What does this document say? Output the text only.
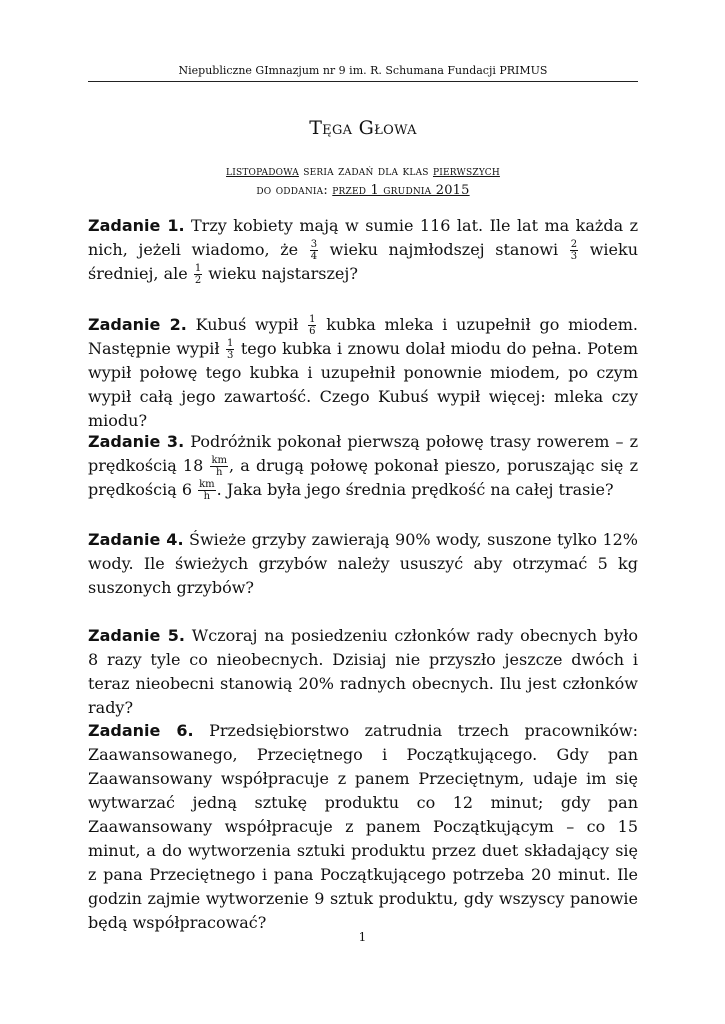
Niepubliczne GImnazjum nr 9 im. R. Schumana Fundacji PRIMUS
Tęga Głowa
listopadowa seria zadań dla klas pierwszych
do oddania: przed 1 grudnia 2015
Zadanie 1. Trzy kobiety mają w sumie 116 lat. Ile lat ma każda z nich, jeżeli wiadomo, że $\frac{3}{4}$ wieku najmłodszej stanowi $\frac{2}{3}$ wieku średniej, ale $\frac{1}{2}$ wieku najstarszej?
Zadanie 2. Kubuś wypił $\frac{1}{6}$ kubka mleka i uzupełnił go miodem. Następnie wypił $\frac{1}{3}$ tego kubka i znowu dolał miodu do pełna. Potem wypił połowę tego kubka i uzupełnił ponownie miodem, po czym wypił całą jego zawartość. Czego Kubuś wypił więcej: mleka czy miodu?
Zadanie 3. Podróżnik pokonał pierwszą połowę trasy rowerem – z prędkością $18 \frac{km}{h}$ , a drugą połowę pokonał pieszo, poruszając się z prędkością $6 \frac{km}{h}$ . Jaka była jego średnia prędkość na całej trasie?
Zadanie 4. Świeże grzyby zawierają 90% wody, suszone tylko 12% wody. Ile świeżych grzybów należy ususzyć aby otrzymać 5 kg suszonych grzybów?
Zadanie 5. Wczoraj na posiedzeniu członków rady obecnych było 8 razy tyle co nieobecnych. Dzisiaj nie przyszło jeszcze dwóch i teraz nieobecni stanowią 20% radnych obecnych. Ilu jest członków rady?
Zadanie 6. Przedsiębiorstwo zatrudnia trzech pracowników: Zaawansowanego, Przeciętnego i Początkującego. Gdy pan Zaawansowany współpracuje z panem Przeciętnym, udaje im się wytwarzać jedną sztukę produktu co 12 minut; gdy pan Zaawansowany współpracuje z panem Początkującym – co 15 minut, a do wytworzenia sztuki produktu przez duet składający się z pana Przeciętnego i pana Początkującego potrzeba 20 minut. Ile godzin zajmie wytworzenie 9 sztuk produktu, gdy wszyscy panowie będą współpracować?
1
